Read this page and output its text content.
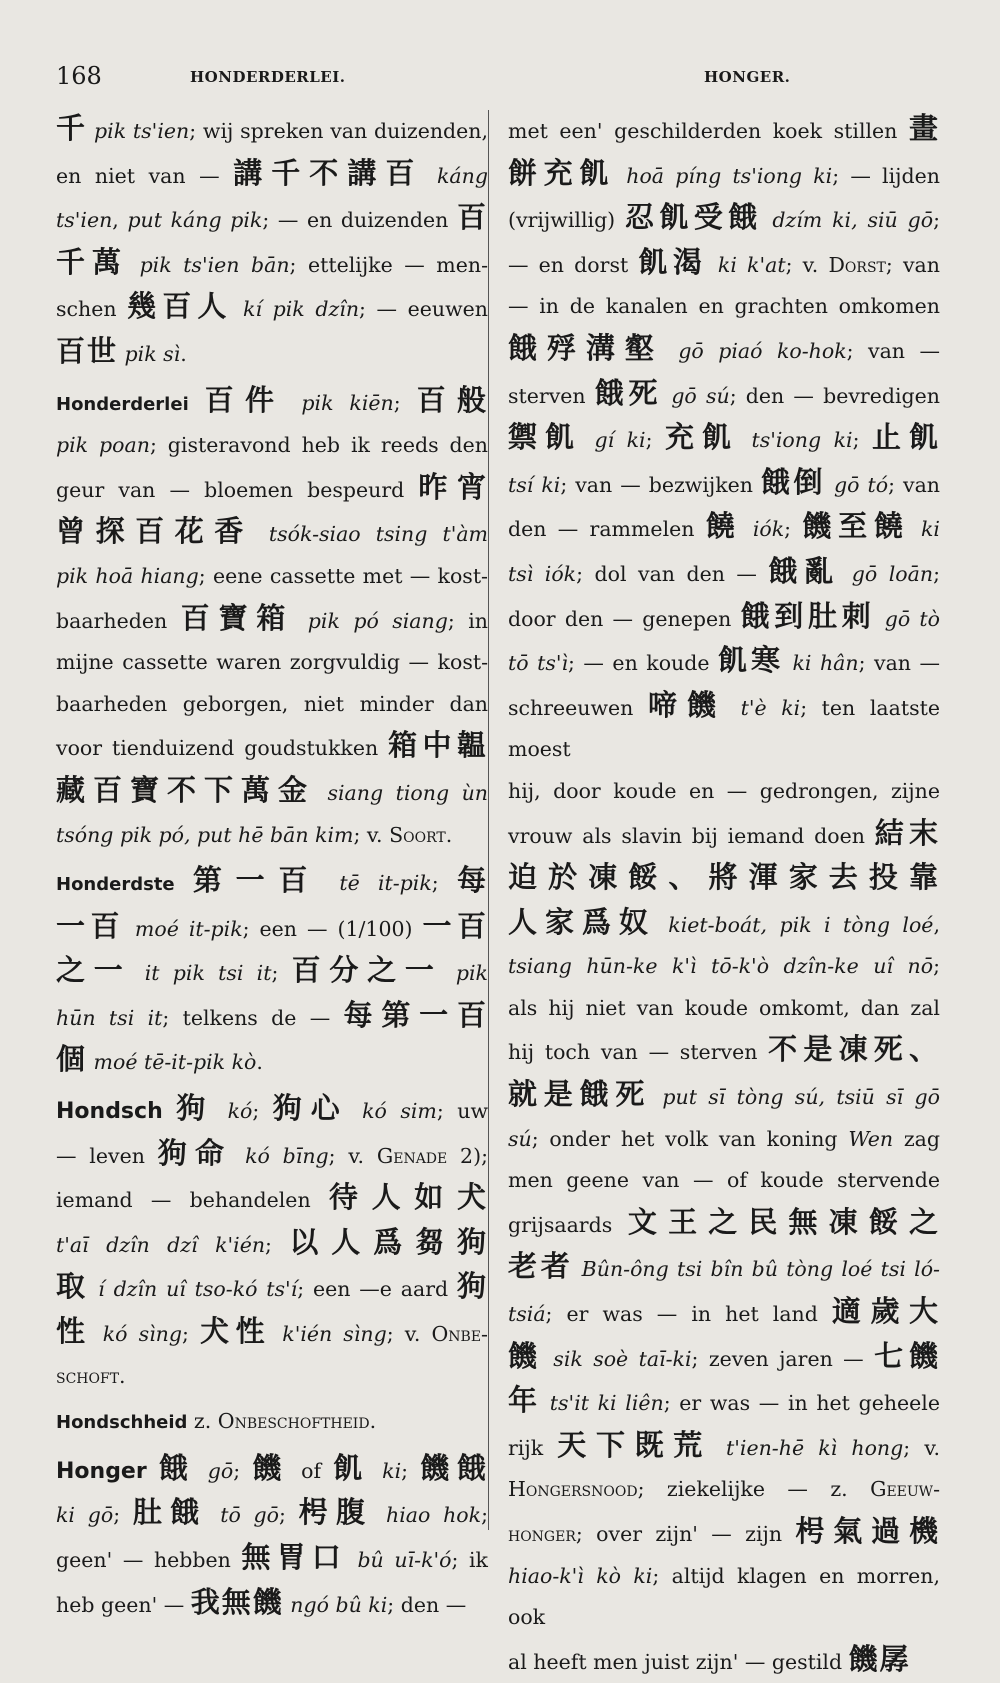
168	HONDERDERLEI.	HONGER.

千 pik ts'ien; wij spreken van duizenden,

en niet van — 講千不講百 káng

ts'ien, put káng pik; — en duizenden 百

千萬 pik ts'ien bān; ettelijke — men-

schen 幾百人 kí pik dzîn; — eeuwen

百世 pik sì.

Honderderlei 百件 pik kiēn; 百般

pik poan; gisteravond heb ik reeds den

geur van — bloemen bespeurd 昨宵

曾探百花香 tsók-siao tsing t'àm

pik hoā hiang; eene cassette met — kost-

baarheden 百寶箱 pik pó siang; in

mijne cassette waren zorgvuldig — kost-

baarheden geborgen, niet minder dan

voor tienduizend goudstukken 箱中韞

藏百寶不下萬金 siang tiong ùn

tsóng pik pó, put hē bān kim; v. Soort.

Honderdste 第一百 tē it-pik; 每

一百 moé it-pik; een — (1/100) 一百

之一 it pik tsi it; 百分之一 pik

hūn tsi it; telkens de — 每第一百

個 moé tē-it-pik kò.

Hondsch 狗 kó; 狗心 kó sim; uw

— leven 狗命 kó bīng; v. Genade 2);

iemand — behandelen 待人如犬

t'aī dzîn dzî k'ién; 以人爲芻狗

取 í dzîn uî tso-kó ts'í; een —e aard 狗

性 kó sìng; 犬性 k'ién sìng; v. Onbe-

schoft.

Hondschheid z. Onbeschoftheid.

Honger 餓 gō; 饑 of 飢 ki; 饑餓

ki gō; 肚餓 tō gō; 枵腹 hiao hok;

geen' — hebben 無胃口 bû uī-k'ó; ik

heb geen' — 我無饑 ngó bû ki; den —

met een' geschilderden koek stillen 畫

餅充飢 hoā píng ts'iong ki; — lijden

(vrijwillig) 忍飢受餓 dzím ki, siū gō;

— en dorst 飢渴 ki k'at; v. Dorst; van

— in de kanalen en grachten omkomen

餓殍溝壑 gō piaó ko-hok; van —

sterven 餓死 gō sú; den — bevredigen

禦飢 gí ki; 充飢 ts'iong ki; 止飢

tsí ki; van — bezwijken 餓倒 gō tó; van

den — rammelen 饒 iók; 饑至饒 ki

tsì iók; dol van den — 餓亂 gō loān;

door den — genepen 餓到肚刺 gō tò

tō ts'ì; — en koude 飢寒 ki hân; van —

schreeuwen 啼饑 t'è ki; ten laatste moest

hij, door koude en — gedrongen, zijne

vrouw als slavin bij iemand doen 結末

迫於凍餒、將渾家去投靠

人家爲奴 kiet-boát, pik i tòng loé,

tsiang hūn-ke k'ì tō-k'ò dzîn-ke uî nō;

als hij niet van koude omkomt, dan zal

hij toch van — sterven 不是凍死、

就是餓死 put sī tòng sú, tsiū sī gō

sú; onder het volk van koning Wen zag

men geene van — of koude stervende

grijsaards 文王之民無凍餒之

老者 Bûn-ông tsi bîn bû tòng loé tsi ló-

tsiá; er was — in het land 適歲大

饑 sik soè taī-ki; zeven jaren — 七饑

年 ts'it ki liên; er was — in het geheele

rijk 天下既荒 t'ien-hē kì hong; v.

Hongersnood; ziekelijke — z. Geeuw-

honger; over zijn' — zijn 枵氣過機

hiao-k'ì kò ki; altijd klagen en morren, ook

al heeft men juist zijn' — gestild 饑孱
